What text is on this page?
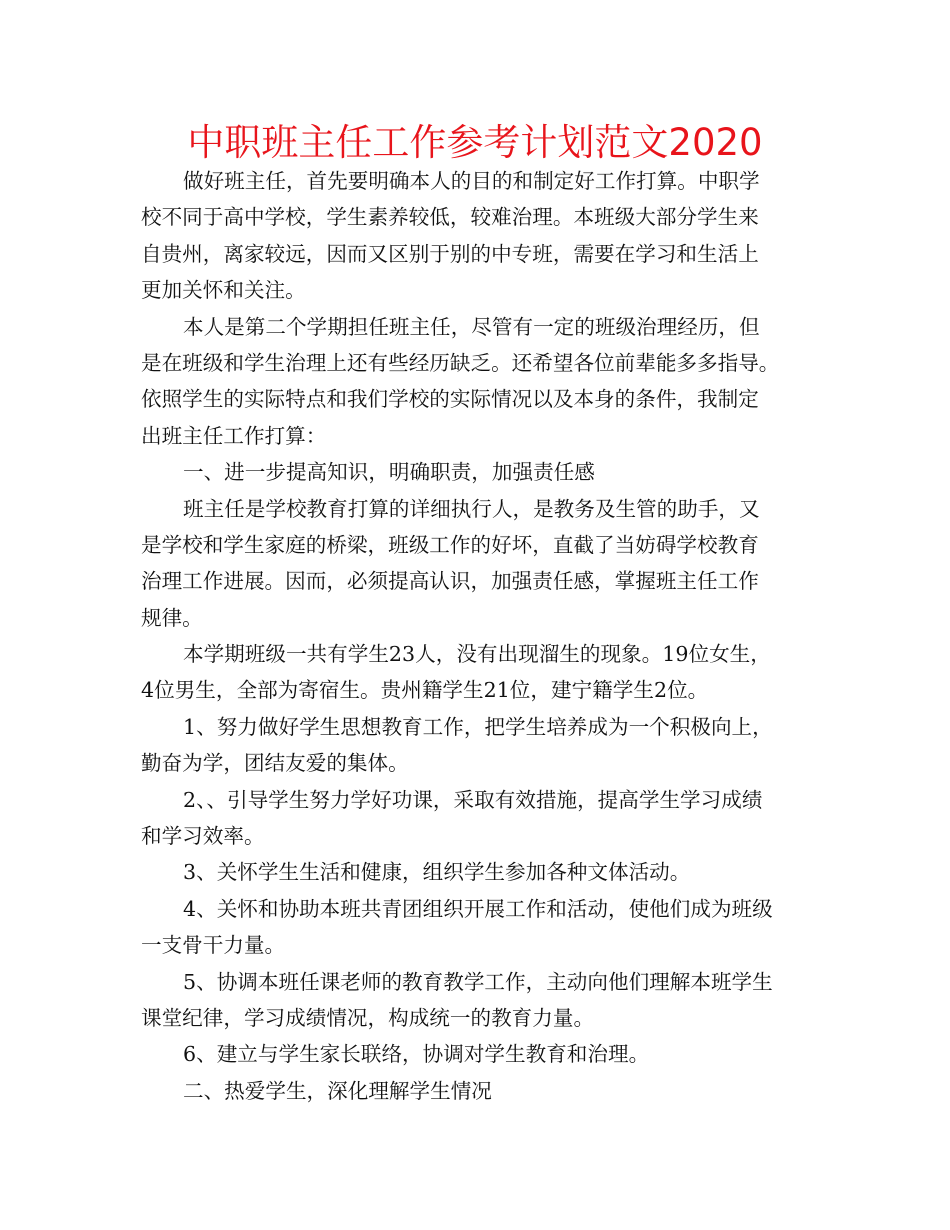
中职班主任工作参考计划范文2020
做好班主任，首先要明确本人的目的和制定好工作打算。中职学
校不同于高中学校，学生素养较低，较难治理。本班级大部分学生来
自贵州，离家较远，因而又区别于别的中专班，需要在学习和生活上
更加关怀和关注。
本人是第二个学期担任班主任，尽管有一定的班级治理经历，但
是在班级和学生治理上还有些经历缺乏。还希望各位前辈能多多指导。
依照学生的实际特点和我们学校的实际情况以及本身的条件，我制定
出班主任工作打算：
一、进一步提高知识，明确职责，加强责任感
班主任是学校教育打算的详细执行人，是教务及生管的助手，又
是学校和学生家庭的桥梁，班级工作的好坏，直截了当妨碍学校教育
治理工作进展。因而，必须提高认识，加强责任感，掌握班主任工作
规律。
本学期班级一共有学生23人，没有出现溜生的现象。19位女生，
4位男生，全部为寄宿生。贵州籍学生21位，建宁籍学生2位。
1、努力做好学生思想教育工作，把学生培养成为一个积极向上，
勤奋为学，团结友爱的集体。
2、、引导学生努力学好功课，采取有效措施，提高学生学习成绩
和学习效率。
3、关怀学生生活和健康，组织学生参加各种文体活动。
4、关怀和协助本班共青团组织开展工作和活动，使他们成为班级
一支骨干力量。
5、协调本班任课老师的教育教学工作，主动向他们理解本班学生
课堂纪律，学习成绩情况，构成统一的教育力量。
6、建立与学生家长联络，协调对学生教育和治理。
二、热爱学生，深化理解学生情况
